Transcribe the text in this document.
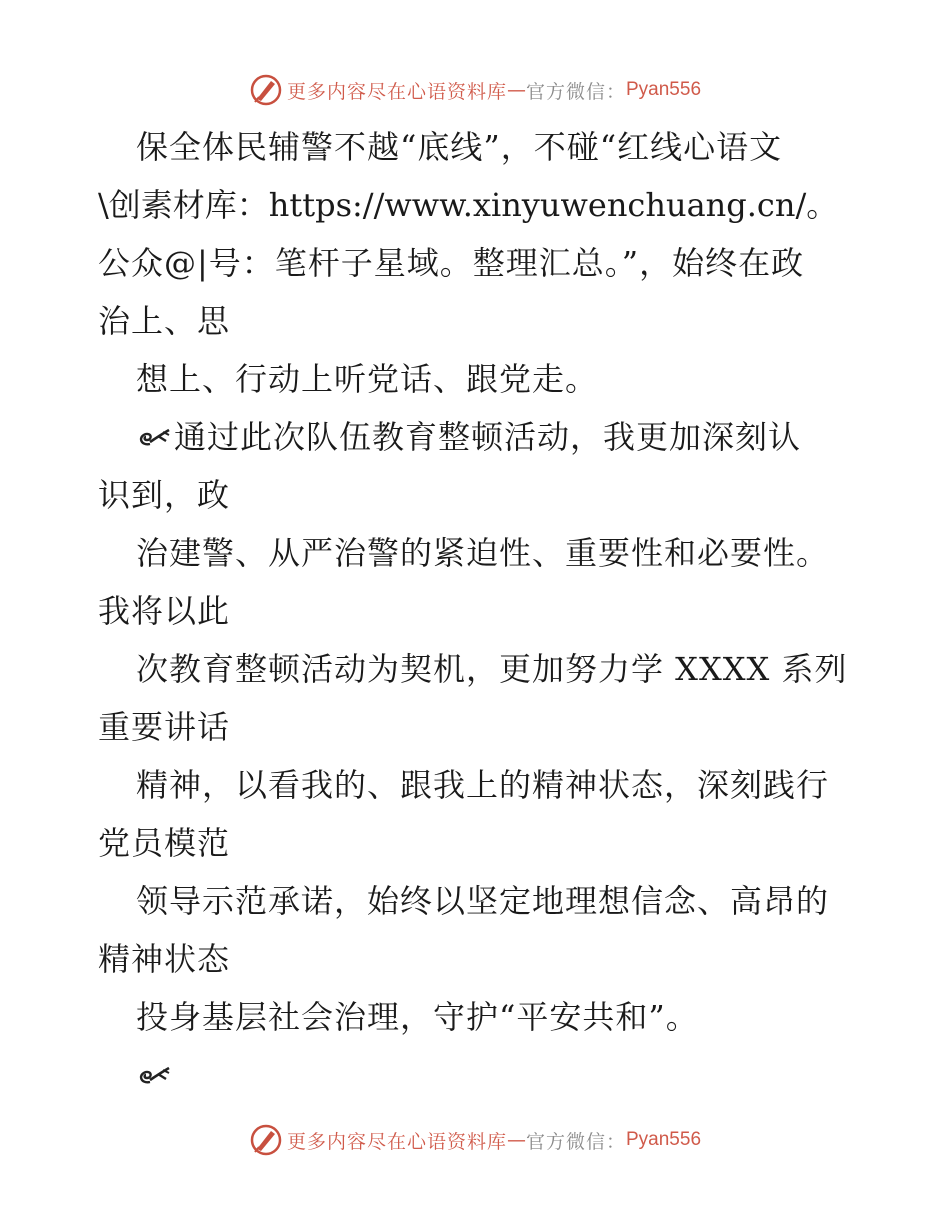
更多内容尽在心语资料库 — 官方微信： Pyan556
保全体民辅警不越“底线”，不碰“红线心语文
\创素材库：https://www.xinyuwenchuang.cn/。
公众@|号：笔杆子星域。整理汇总。”，始终在政
治上、思
想上、行动上听党话、跟党走。
通过此次队伍教育整顿活动，我更加深刻认
识到，政
治建警、从严治警的紧迫性、重要性和必要性。
我将以此
次教育整顿活动为契机，更加努力学 XXXX 系列
重要讲话
精神，以看我的、跟我上的精神状态，深刻践行
党员模范
领导示范承诺，始终以坚定地理想信念、高昂的
精神状态
投身基层社会治理，守护“平安共和”。
更多内容尽在心语资料库 — 官方微信： Pyan556
